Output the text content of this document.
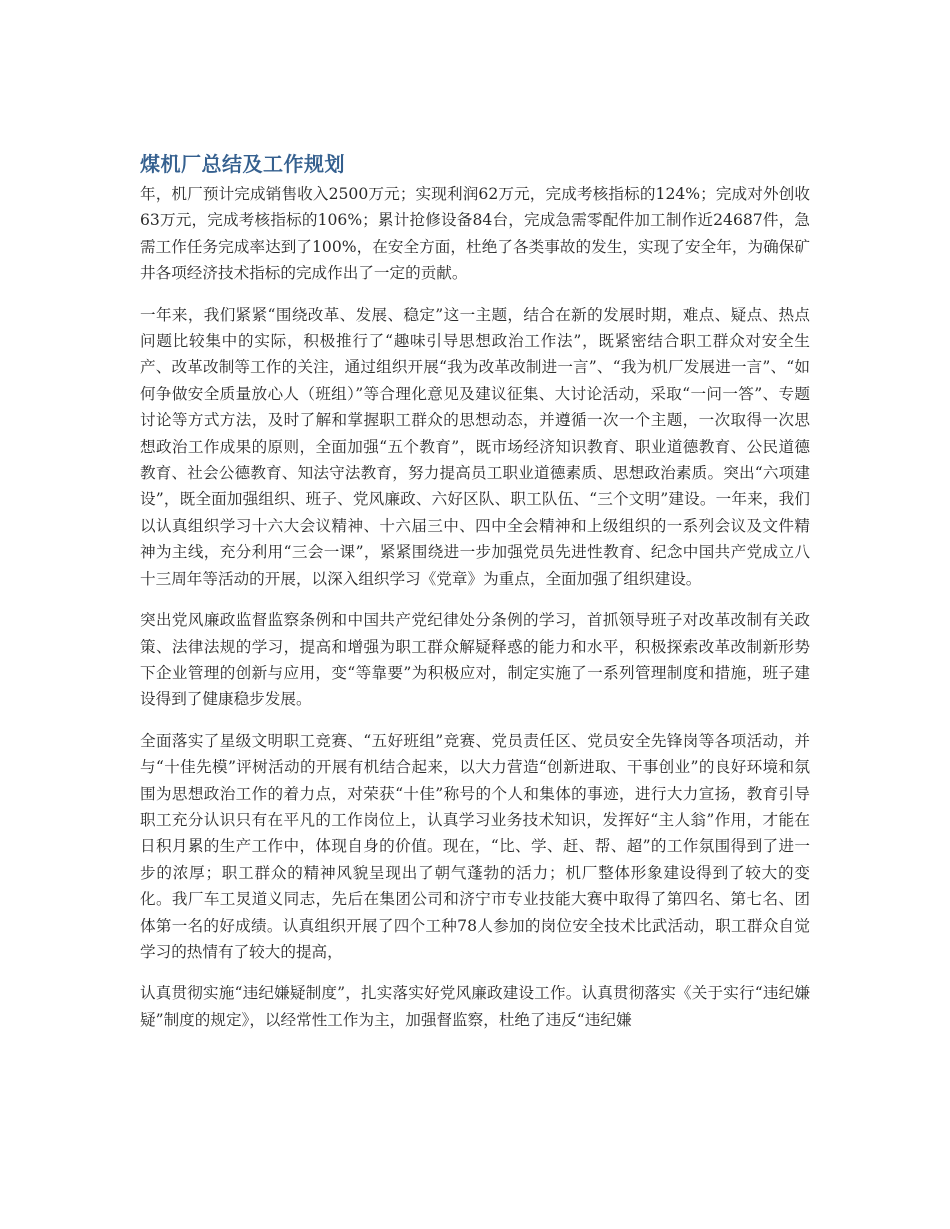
煤机厂总结及工作规划

年，机厂预计完成销售收入2500万元；实现利润62万元，完成考核指标的124%；完成对外创收63万元，完成考核指标的106%；累计抢修设备84台，完成急需零配件加工制作近24687件，急需工作任务完成率达到了100%，在安全方面，杜绝了各类事故的发生，实现了安全年，为确保矿井各项经济技术指标的完成作出了一定的贡献。

一年来，我们紧紧“围绕改革、发展、稳定”这一主题，结合在新的发展时期，难点、疑点、热点问题比较集中的实际，积极推行了“趣味引导思想政治工作法”，既紧密结合职工群众对安全生产、改革改制等工作的关注，通过组织开展“我为改革改制进一言”、“我为机厂发展进一言”、“如何争做安全质量放心人（班组）”等合理化意见及建议征集、大讨论活动，采取“一问一答”、专题讨论等方式方法，及时了解和掌握职工群众的思想动态，并遵循一次一个主题，一次取得一次思想政治工作成果的原则，全面加强“五个教育”，既市场经济知识教育、职业道德教育、公民道德教育、社会公德教育、知法守法教育，努力提高员工职业道德素质、思想政治素质。突出“六项建设”，既全面加强组织、班子、党风廉政、六好区队、职工队伍、“三个文明”建设。一年来，我们以认真组织学习十六大会议精神、十六届三中、四中全会精神和上级组织的一系列会议及文件精神为主线，充分利用“三会一课”，紧紧围绕进一步加强党员先进性教育、纪念中国共产党成立八十三周年等活动的开展，以深入组织学习《党章》为重点，全面加强了组织建设。

突出党风廉政监督监察条例和中国共产党纪律处分条例的学习，首抓领导班子对改革改制有关政策、法律法规的学习，提高和增强为职工群众解疑释惑的能力和水平，积极探索改革改制新形势下企业管理的创新与应用，变“等靠要”为积极应对，制定实施了一系列管理制度和措施，班子建设得到了健康稳步发展。

全面落实了星级文明职工竞赛、“五好班组”竞赛、党员责任区、党员安全先锋岗等各项活动，并与“十佳先模”评树活动的开展有机结合起来，以大力营造“创新进取、干事创业”的良好环境和氛围为思想政治工作的着力点，对荣获“十佳”称号的个人和集体的事迹，进行大力宣扬，教育引导职工充分认识只有在平凡的工作岗位上，认真学习业务技术知识，发挥好“主人翁”作用，才能在日积月累的生产工作中，体现自身的价值。现在，“比、学、赶、帮、超”的工作氛围得到了进一步的浓厚；职工群众的精神风貌呈现出了朝气蓬勃的活力；机厂整体形象建设得到了较大的变化。我厂车工炅道义同志，先后在集团公司和济宁市专业技能大赛中取得了第四名、第七名、团体第一名的好成绩。认真组织开展了四个工种78人参加的岗位安全技术比武活动，职工群众自觉学习的热情有了较大的提高，

认真贯彻实施“违纪嫌疑制度”，扎实落实好党风廉政建设工作。认真贯彻落实《关于实行“违纪嫌疑”制度的规定》，以经常性工作为主，加强督监察，杜绝了违反“违纪嫌
